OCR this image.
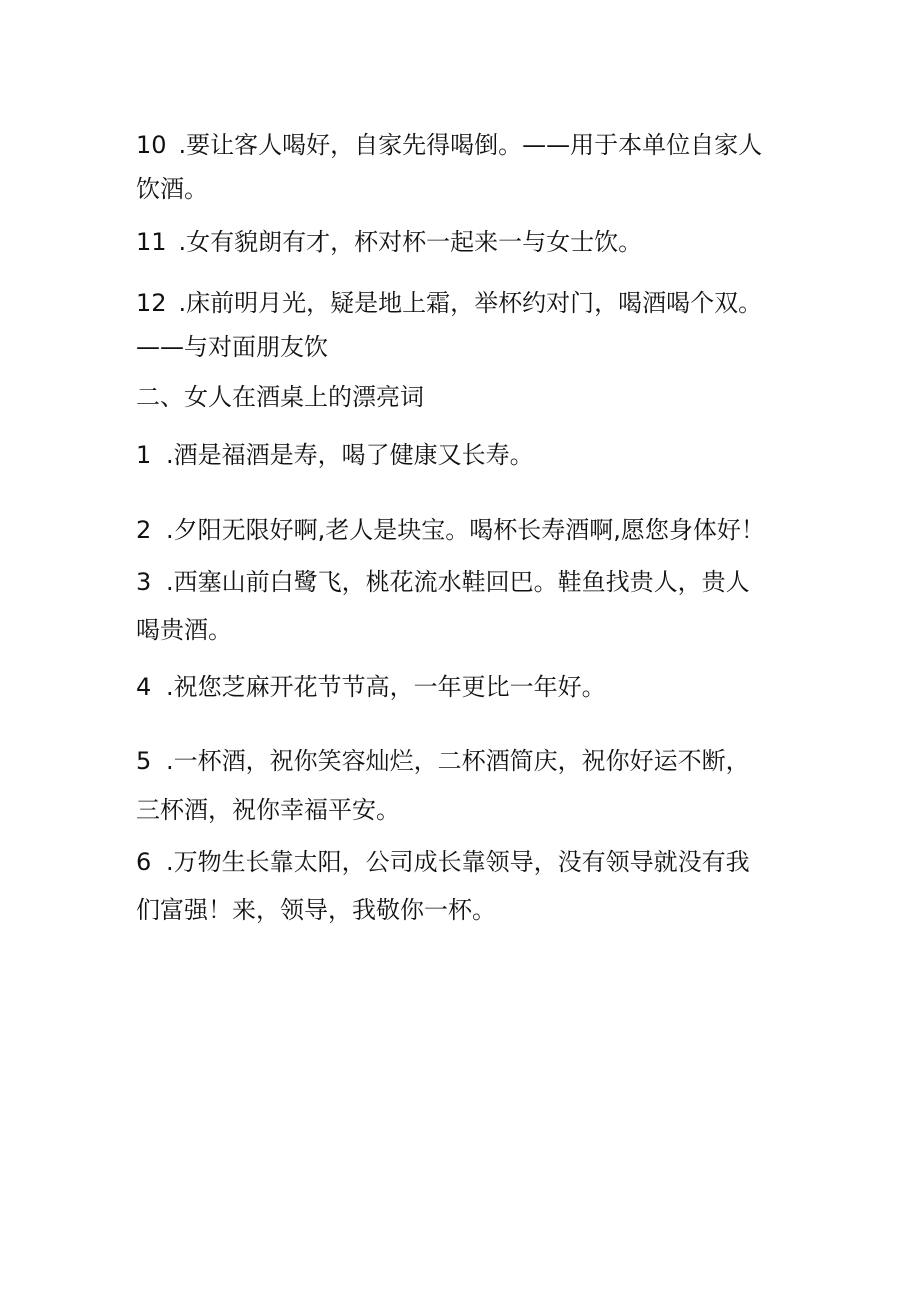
10 .要让客人喝好，自家先得喝倒。——用于本单位自家人
饮酒。
11 .女有貌朗有才，杯对杯一起来一与女士饮。
12 .床前明月光，疑是地上霜，举杯约对门，喝酒喝个双。
——与对面朋友饮
二、女人在酒桌上的漂亮词
1 .酒是福酒是寿，喝了健康又长寿。
2 .夕阳无限好啊,老人是块宝。喝杯长寿酒啊,愿您身体好！
3 .西塞山前白鹭飞，桃花流水鞋回巴。鞋鱼找贵人，贵人
喝贵酒。
4 .祝您芝麻开花节节高，一年更比一年好。
5 .一杯酒，祝你笑容灿烂，二杯酒简庆，祝你好运不断，
三杯酒，祝你幸福平安。
6 .万物生长靠太阳，公司成长靠领导，没有领导就没有我
们富强！来，领导，我敬你一杯。
